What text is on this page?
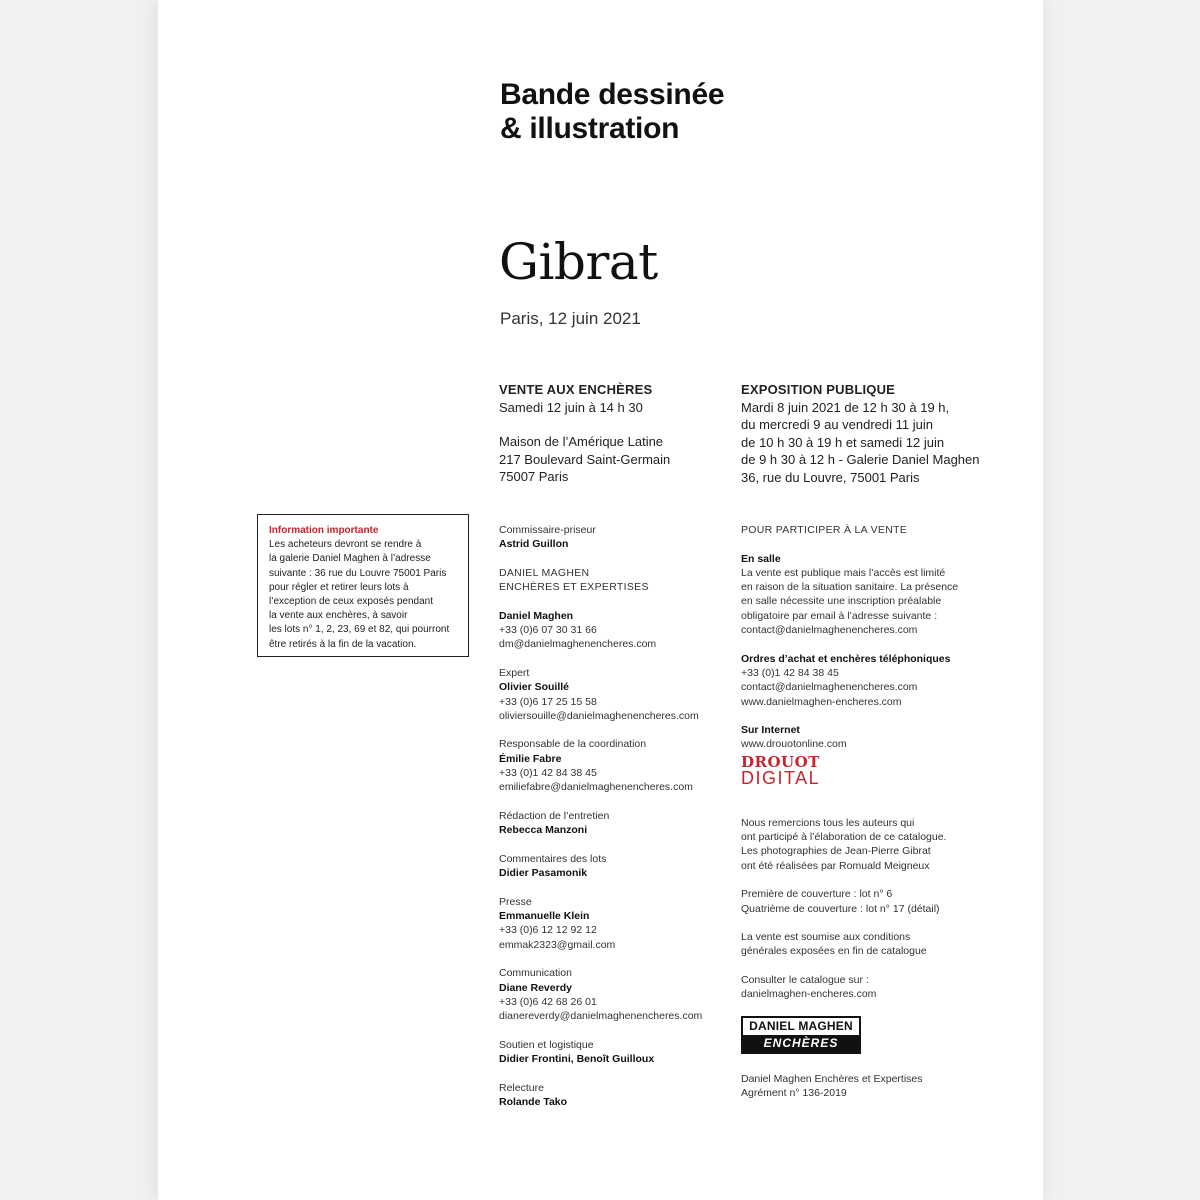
Bande dessinée
& illustration
Gibrat
Paris, 12 juin 2021
VENTE AUX ENCHÈRES
Samedi 12 juin à 14 h 30
Maison de l’Amérique Latine
217 Boulevard Saint-Germain
75007 Paris
EXPOSITION PUBLIQUE
Mardi 8 juin 2021 de 12 h 30 à 19 h,
du mercredi 9 au vendredi 11 juin
de 10 h 30 à 19 h et samedi 12 juin
de 9 h 30 à 12 h - Galerie Daniel Maghen
36, rue du Louvre, 75001 Paris
Information importante
Les acheteurs devront se rendre à
la galerie Daniel Maghen à l’adresse
suivante : 36 rue du Louvre 75001 Paris
pour régler et retirer leurs lots à
l’exception de ceux exposés pendant
la vente aux enchères, à savoir
les lots n° 1, 2, 23, 69 et 82, qui pourront
être retirés à la fin de la vacation.
Commissaire-priseur
Astrid Guillon
DANIEL MAGHEN
ENCHÈRES ET EXPERTISES
Daniel Maghen
+33 (0)6 07 30 31 66
dm@danielmaghenencheres.com
Expert
Olivier Souillé
+33 (0)6 17 25 15 58
oliviersouille@danielmaghenencheres.com
Responsable de la coordination
Émilie Fabre
+33 (0)1 42 84 38 45
emiliefabre@danielmaghenencheres.com
Rédaction de l’entretien
Rebecca Manzoni
Commentaires des lots
Didier Pasamonik
Presse
Emmanuelle Klein
+33 (0)6 12 12 92 12
emmak2323@gmail.com
Communication
Diane Reverdy
+33 (0)6 42 68 26 01
dianereverdy@danielmaghenencheres.com
Soutien et logistique
Didier Frontini, Benoît Guilloux
Relecture
Rolande Tako
POUR PARTICIPER À LA VENTE
En salle
La vente est publique mais l’accès est limité
en raison de la situation sanitaire. La présence
en salle nécessite une inscription préalable
obligatoire par email à l’adresse suivante :
contact@danielmaghenencheres.com
Ordres d’achat et enchères téléphoniques
+33 (0)1 42 84 38 45
contact@danielmaghenencheres.com
www.danielmaghen-encheres.com
Sur Internet
www.drouotonline.com
DROUOT
DIGITAL
Nous remercions tous les auteurs qui
ont participé à l’élaboration de ce catalogue.
Les photographies de Jean-Pierre Gibrat
ont été réalisées par Romuald Meigneux
Première de couverture : lot n° 6
Quatrième de couverture : lot n° 17 (détail)
La vente est soumise aux conditions
générales exposées en fin de catalogue
Consulter le catalogue sur :
danielmaghen-encheres.com
DANIEL MAGHEN
ENCHÈRES
Daniel Maghen Enchères et Expertises
Agrément n° 136-2019
